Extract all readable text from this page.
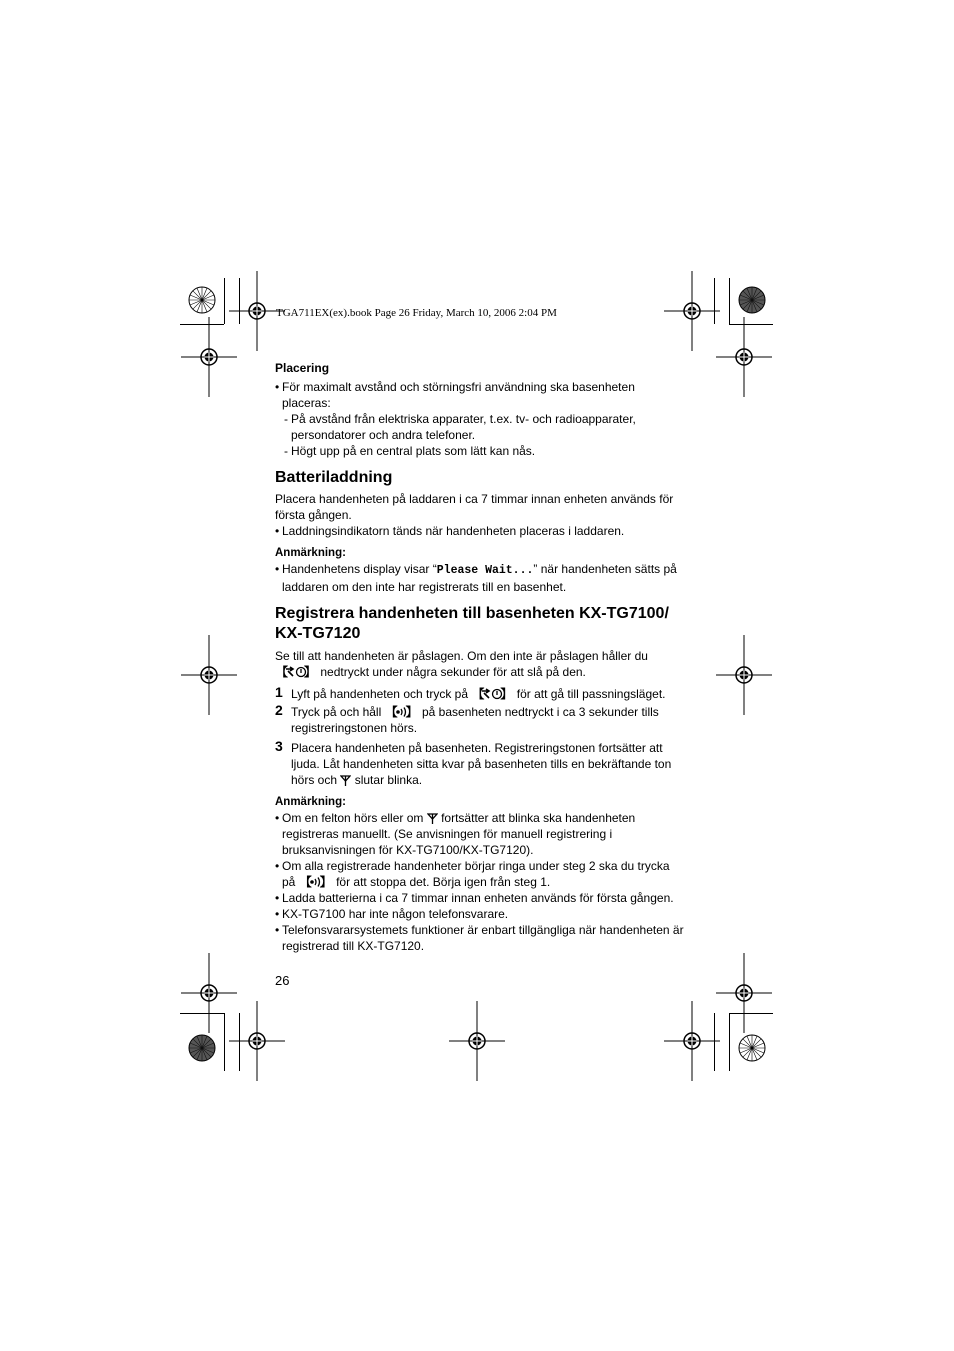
TGA711EX(ex).book Page 26 Friday, March 10, 2006 2:04 PM
Placering

• För maximalt avstånd och störningsfri användning ska basenheten placeras:

- På avstånd från elektriska apparater, t.ex. tv- och radioapparater, persondatorer och andra telefoner.

- Högt upp på en central plats som lätt kan nås.

Batteriladdning

Placera handenheten på laddaren i ca 7 timmar innan enheten används för första gången.

• Laddningsindikatorn tänds när handenheten placeras i laddaren.

Anmärkning:

• Handenhetens display visar “Please Wait...” när handenheten sätts på laddaren om den inte har registrerats till en basenhet.

Registrera handenheten till basenheten KX-TG7100/ KX-TG7120

Se till att handenheten är påslagen. Om den inte är påslagen håller du 【  】 nedtryckt under några sekunder för att slå på den.

1 Lyft på handenheten och tryck på 【  】	för att gå till passningsläget.
2 Tryck på och håll 【  】	på basenheten nedtryckt i ca 3 sekunder tills registreringstonen hörs.
3 Placera handenheten på basenheten. Registreringstonen fortsätter att ljuda. Låt handenheten sitta kvar på basenheten tills en bekräftande ton hörs och slutar blinka.
Anmärkning:

• Om en felton hörs eller om fortsätter att blinka ska handenheten registreras manuellt. (Se anvisningen för manuell registrering i bruksanvisningen för KX-TG7100/KX-TG7120).

• Om alla registrerade handenheter börjar ringa under steg 2 ska du trycka på 【  】	för att stoppa det. Börja igen från steg 1.

• Ladda batterierna i ca 7 timmar innan enheten används för första gången.

• KX-TG7100 har inte någon telefonsvarare.

• Telefonsvararsystemets funktioner är enbart tillgängliga när handenheten är registrerad till KX-TG7120.

26
